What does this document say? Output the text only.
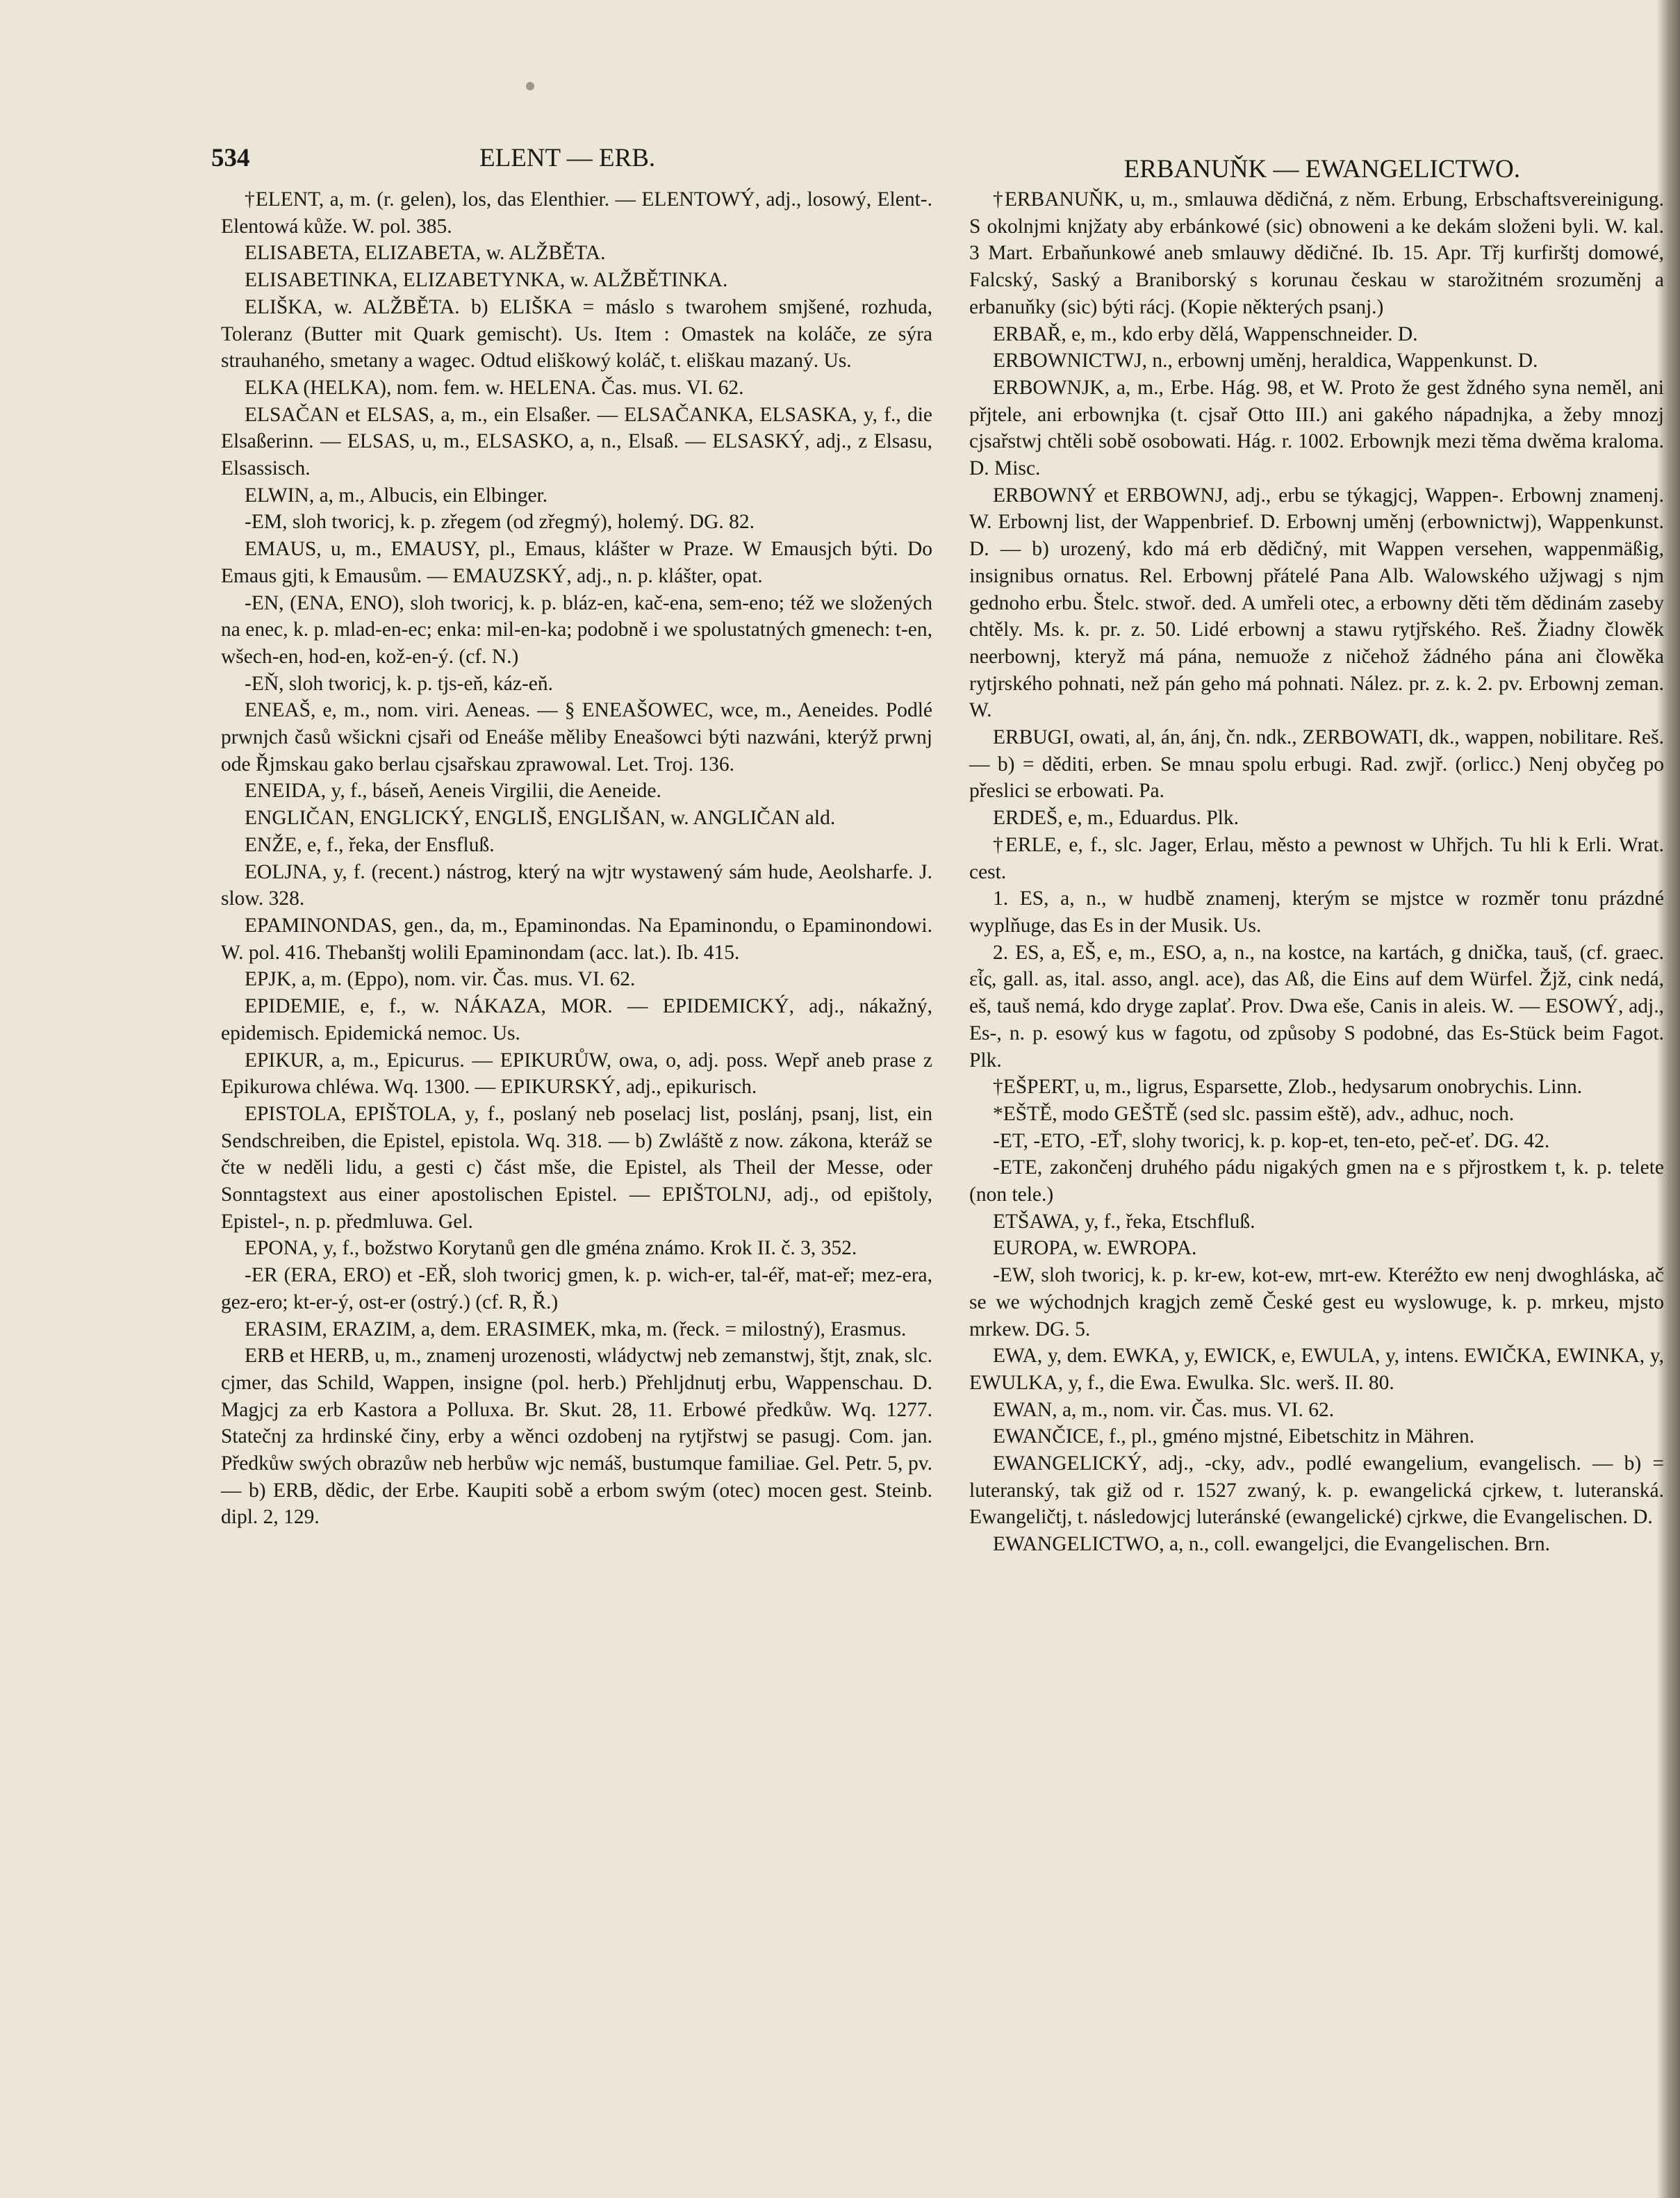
534	ELENT — ERB.	ERBANUŇK — EWANGELICTWO.

†ELENT, a, m. (r. gelen), los, das Elenthier. — ELENTOWÝ, adj., losowý, Elent-. Elentowá kůže. W. pol. 385.

ELISABETA, ELIZABETA, w. ALŽBĚTA.

ELISABETINKA, ELIZABETYNKA, w. ALŽBĚTINKA.

ELIŠKA, w. ALŽBĚTA. b) ELIŠKA = máslo s twarohem smjšené, rozhuda, Toleranz (Butter mit Quark gemischt). Us. Item : Omastek na koláče, ze sýra strauhaného, smetany a wagec. Odtud eliškowý koláč, t. eliškau mazaný. Us.

ELKA (HELKA), nom. fem. w. HELENA. Čas. mus. VI. 62.

ELSAČAN et ELSAS, a, m., ein Elsaßer. — ELSAČANKA, ELSASKA, y, f., die Elsaßerinn. — ELSAS, u, m., ELSASKO, a, n., Elsaß. — ELSASKÝ, adj., z Elsasu, Elsassisch.

ELWIN, a, m., Albucis, ein Elbinger.

-EM, sloh tworicj, k. p. zřegem (od zřegmý), holemý. DG. 82.

EMAUS, u, m., EMAUSY, pl., Emaus, klášter w Praze. W Emausjch býti. Do Emaus gjti, k Emausům. — EMAUZSKÝ, adj., n. p. klášter, opat.

-EN, (ENA, ENO), sloh tworicj, k. p. bláz-en, kač-ena, sem-eno; též we složených na enec, k. p. mlad-en-ec; enka: mil-en-ka; podobně i we spolustatných gmenech: t-en, wšech-en, hod-en, kož-en-ý. (cf. N.)

-EŇ, sloh tworicj, k. p. tjs-eň, káz-eň.

ENEAŠ, e, m., nom. viri. Aeneas. — § ENEAŠOWEC, wce, m., Aeneides. Podlé prwnjch časů wšickni cjsaři od Eneáše měliby Eneašowci býti nazwáni, kterýž prwnj ode Řjmskau gako berlau cjsařskau zprawowal. Let. Troj. 136.

ENEIDA, y, f., báseň, Aeneis Virgilii, die Aeneide.

ENGLIČAN, ENGLICKÝ, ENGLIŠ, ENGLIŠAN, w. ANGLIČAN ald.

ENŽE, e, f., řeka, der Ensfluß.

EOLJNA, y, f. (recent.) nástrog, který na wjtr wystawený sám hude, Aeolsharfe. J. slow. 328.

EPAMINONDAS, gen., da, m., Epaminondas. Na Epaminondu, o Epaminondowi. W. pol. 416. Thebanštj wolili Epaminondam (acc. lat.). Ib. 415.

EPJK, a, m. (Eppo), nom. vir. Čas. mus. VI. 62.

EPIDEMIE, e, f., w. NÁKAZA, MOR. — EPIDEMICKÝ, adj., nákažný, epidemisch. Epidemická nemoc. Us.

EPIKUR, a, m., Epicurus. — EPIKURŮW, owa, o, adj. poss. Wepř aneb prase z Epikurowa chléwa. Wq. 1300. — EPIKURSKÝ, adj., epikurisch.

EPISTOLA, EPIŠTOLA, y, f., poslaný neb poselacj list, poslánj, psanj, list, ein Sendschreiben, die Epistel, epistola. Wq. 318. — b) Zwláště z now. zákona, kteráž se čte w neděli lidu, a gesti c) část mše, die Epistel, als Theil der Messe, oder Sonntagstext aus einer apostolischen Epistel. — EPIŠTOLNJ, adj., od epištoly, Epistel-, n. p. předmluwa. Gel.

EPONA, y, f., božstwo Korytanů gen dle gména známo. Krok II. č. 3, 352.

-ER (ERA, ERO) et -EŘ, sloh tworicj gmen, k. p. wich-er, tal-éř, mat-eř; mez-era, gez-ero; kt-er-ý, ost-er (ostrý.) (cf. R, Ř.)

ERASIM, ERAZIM, a, dem. ERASIMEK, mka, m. (řeck. = milostný), Erasmus.

ERB et HERB, u, m., znamenj urozenosti, wládyctwj neb zemanstwj, štjt, znak, slc. cjmer, das Schild, Wappen, insigne (pol. herb.) Přehljdnutj erbu, Wappenschau. D. Magjcj za erb Kastora a Polluxa. Br. Skut. 28, 11. Erbowé předkůw. Wq. 1277. Statečnj za hrdinské činy, erby a wěnci ozdobenj na rytjřstwj se pasugj. Com. jan. Předkůw swých obrazůw neb herbůw wjc nemáš, bustumque familiae. Gel. Petr. 5, pv. — b) ERB, dědic, der Erbe. Kaupiti sobě a erbom swým (otec) mocen gest. Steinb. dipl. 2, 129.

†ERBANUŇK, u, m., smlauwa dědičná, z něm. Erbung, Erbschaftsvereinigung. S okolnjmi knjžaty aby erbánkowé (sic) obnoweni a ke dekám složeni byli. W. kal. 3 Mart. Erbaňunkowé aneb smlauwy dědičné. Ib. 15. Apr. Třj kurfirštj domowé, Falcský, Saský a Braniborský s korunau českau w starožitném srozuměnj a erbanuňky (sic) býti rácj. (Kopie některých psanj.)

ERBAŘ, e, m., kdo erby dělá, Wappenschneider. D.

ERBOWNICTWJ, n., erbownj uměnj, heraldica, Wappenkunst. D.

ERBOWNJK, a, m., Erbe. Hág. 98, et W. Proto že gest ždného syna neměl, ani přjtele, ani erbownjka (t. cjsař Otto III.) ani gakého nápadnjka, a žeby mnozj cjsařstwj chtěli sobě osobowati. Hág. r. 1002. Erbownjk mezi těma dwěma kraloma. D. Misc.

ERBOWNÝ et ERBOWNJ, adj., erbu se týkagjcj, Wappen-. Erbownj znamenj. W. Erbownj list, der Wappenbrief. D. Erbownj uměnj (erbownictwj), Wappenkunst. D. — b) urozený, kdo má erb dědičný, mit Wappen versehen, wappenmäßig, insignibus ornatus. Rel. Erbownj přátelé Pana Alb. Walowského užjwagj s njm gednoho erbu. Štelc. stwoř. ded. A umřeli otec, a erbowny děti těm dědinám zaseby chtěly. Ms. k. pr. z. 50. Lidé erbownj a stawu rytjřského. Reš. Žiadny člowěk neerbownj, kteryž má pána, nemuože z ničehož žádného pána ani člowěka rytjrského pohnati, než pán geho má pohnati. Nález. pr. z. k. 2. pv. Erbownj zeman. W.

ERBUGI, owati, al, án, ánj, čn. ndk., ZERBOWATI, dk., wappen, nobilitare. Reš. — b) = děditi, erben. Se mnau spolu erbugi. Rad. zwjř. (orlicc.) Nenj obyčeg po přeslici se erbowati. Pa.

ERDEŠ, e, m., Eduardus. Plk.

†ERLE, e, f., slc. Jager, Erlau, město a pewnost w Uhřjch. Tu hli k Erli. Wrat. cest.

1. ES, a, n., w hudbě znamenj, kterým se mjstce w rozměr tonu prázdné wyplňuge, das Es in der Musik. Us.

2. ES, a, EŠ, e, m., ESO, a, n., na kostce, na kartách, g dnička, tauš, (cf. graec. εἷς, gall. as, ital. asso, angl. ace), das Aß, die Eins auf dem Würfel. Žjž, cink nedá, eš, tauš nemá, kdo dryge zaplať. Prov. Dwa eše, Canis in aleis. W. — ESOWÝ, adj., Es-, n. p. esowý kus w fagotu, od způsoby S podobné, das Es-Stück beim Fagot. Plk.

†EŠPERT, u, m., ligrus, Esparsette, Zlob., hedysarum onobrychis. Linn.

*EŠTĚ, modo GEŠTĚ (sed slc. passim eště), adv., adhuc, noch.

-ET, -ETO, -EŤ, slohy tworicj, k. p. kop-et, ten-eto, peč-eť. DG. 42.

-ETE, zakončenj druhého pádu nigakých gmen na e s přjrostkem t, k. p. telete (non tele.)

ETŠAWA, y, f., řeka, Etschfluß.

EUROPA, w. EWROPA.

-EW, sloh tworicj, k. p. kr-ew, kot-ew, mrt-ew. Kteréžto ew nenj dwoghláska, ač se we wýchodnjch kragjch země České gest eu wyslowuge, k. p. mrkeu, mjsto mrkew. DG. 5.

EWA, y, dem. EWKA, y, EWICK, e, EWULA, y, intens. EWIČKA, EWINKA, y, EWULKA, y, f., die Ewa. Ewulka. Slc. werš. II. 80.

EWAN, a, m., nom. vir. Čas. mus. VI. 62.

EWANČICE, f., pl., gméno mjstné, Eibetschitz in Mähren.

EWANGELICKÝ, adj., -cky, adv., podlé ewangelium, evangelisch. — b) = luteranský, tak giž od r. 1527 zwaný, k. p. ewangelická cjrkew, t. luteranská. Ewangeličtj, t. následowjcj luteránské (ewangelické) cjrkwe, die Evangelischen. D.

EWANGELICTWO, a, n., coll. ewangeljci, die Evangelischen. Brn.
